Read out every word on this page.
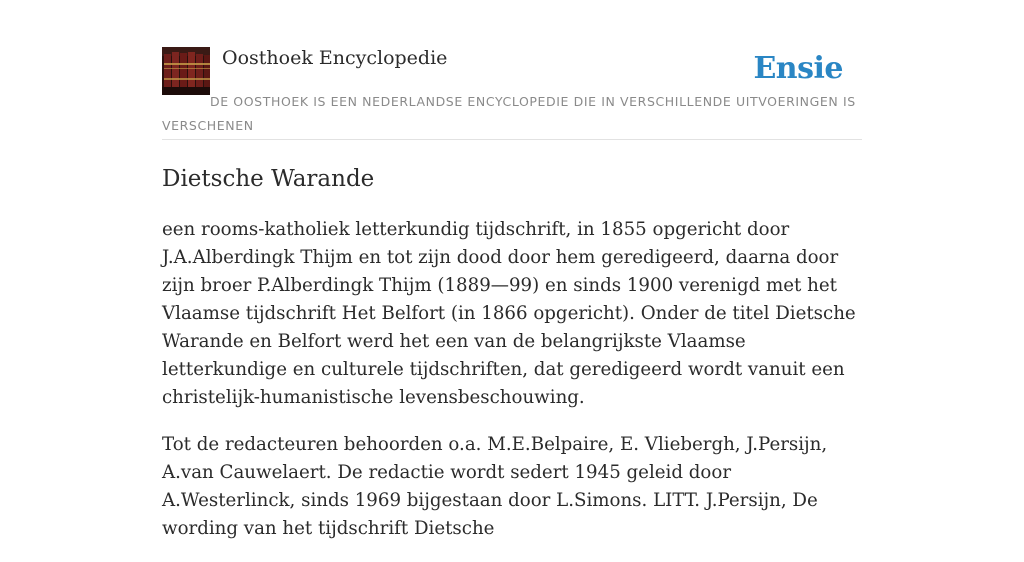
Oosthoek Encyclopedie	Ensie
DE OOSTHOEK IS EEN NEDERLANDSE ENCYCLOPEDIE DIE IN VERSCHILLENDE UITVOERINGEN IS VERSCHENEN
Dietsche Warande

een rooms-katholiek letterkundig tijdschrift, in 1855 opgericht door J.A.Alberdingk Thijm en tot zijn dood door hem geredigeerd, daarna door zijn broer P.Alberdingk Thijm (1889—99) en sinds 1900 verenigd met het Vlaamse tijdschrift Het Belfort (in 1866 opgericht). Onder de titel Dietsche Warande en Belfort werd het een van de belangrijkste Vlaamse letterkundige en culturele tijdschriften, dat geredigeerd wordt vanuit een christelijk-humanistische levensbeschouwing.

Tot de redacteuren behoorden o.a. M.E.Belpaire, E. Vliebergh, J.Persijn, A.van Cauwelaert. De redactie wordt sedert 1945 geleid door A.Westerlinck, sinds 1969 bijgestaan door L.Simons. LITT. J.Persijn, De wording van het tijdschrift Dietsche
